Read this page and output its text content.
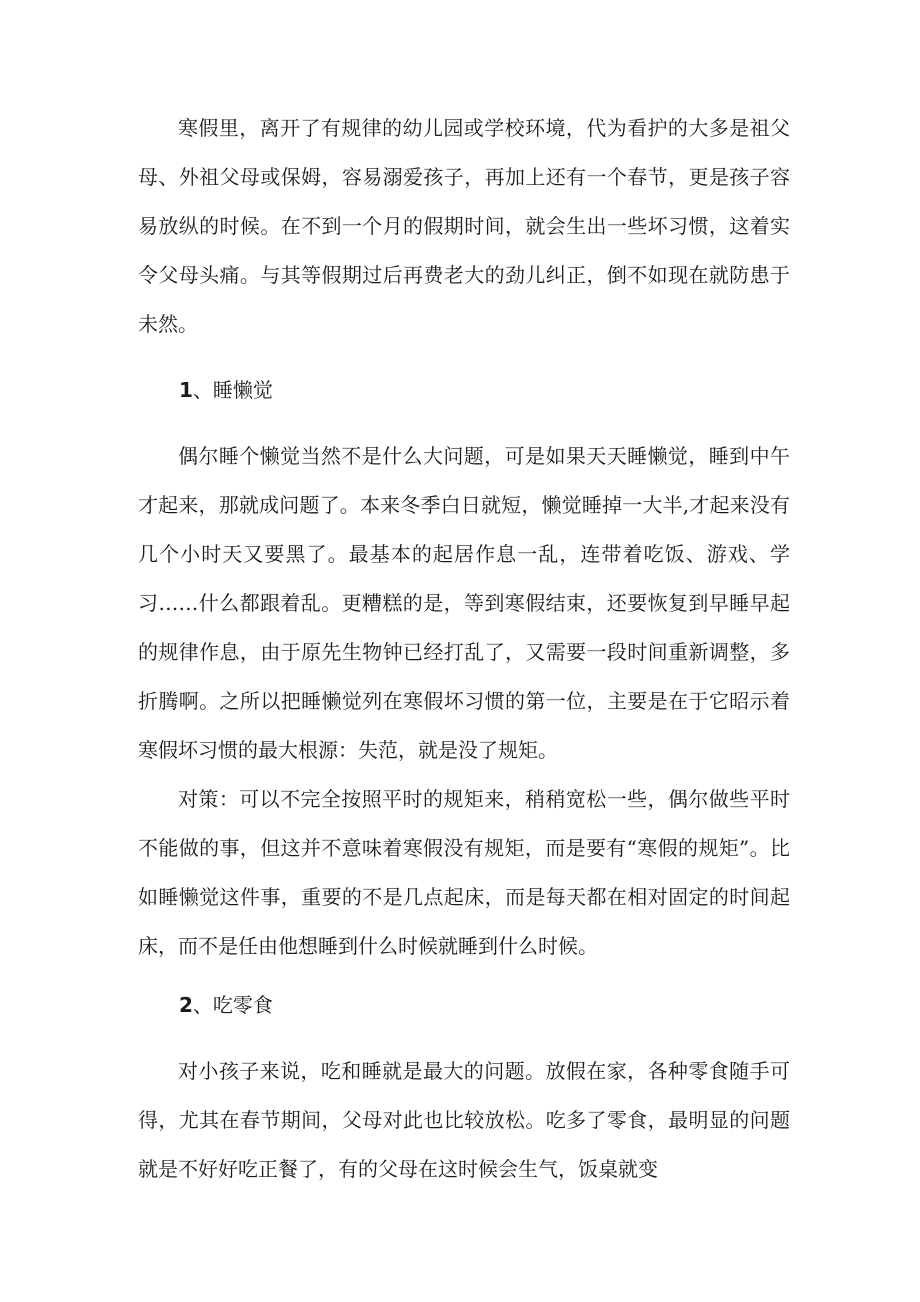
寒假里，离开了有规律的幼儿园或学校环境，代为看护的大多是祖父母、外祖父母或保姆，容易溺爱孩子，再加上还有一个春节，更是孩子容易放纵的时候。在不到一个月的假期时间，就会生出一些坏习惯，这着实令父母头痛。与其等假期过后再费老大的劲儿纠正，倒不如现在就防患于未然。

1、睡懒觉

偶尔睡个懒觉当然不是什么大问题，可是如果天天睡懒觉，睡到中午才起来，那就成问题了。本来冬季白日就短，懒觉睡掉一大半,才起来没有几个小时天又要黑了。最基本的起居作息一乱，连带着吃饭、游戏、学习……什么都跟着乱。更糟糕的是，等到寒假结束，还要恢复到早睡早起的规律作息，由于原先生物钟已经打乱了，又需要一段时间重新调整，多折腾啊。之所以把睡懒觉列在寒假坏习惯的第一位，主要是在于它昭示着寒假坏习惯的最大根源：失范，就是没了规矩。

对策：可以不完全按照平时的规矩来，稍稍宽松一些，偶尔做些平时不能做的事，但这并不意味着寒假没有规矩，而是要有“寒假的规矩”。比如睡懒觉这件事，重要的不是几点起床，而是每天都在相对固定的时间起床，而不是任由他想睡到什么时候就睡到什么时候。

2、吃零食

对小孩子来说，吃和睡就是最大的问题。放假在家，各种零食随手可得，尤其在春节期间，父母对此也比较放松。吃多了零食，最明显的问题就是不好好吃正餐了，有的父母在这时候会生气，饭桌就变
